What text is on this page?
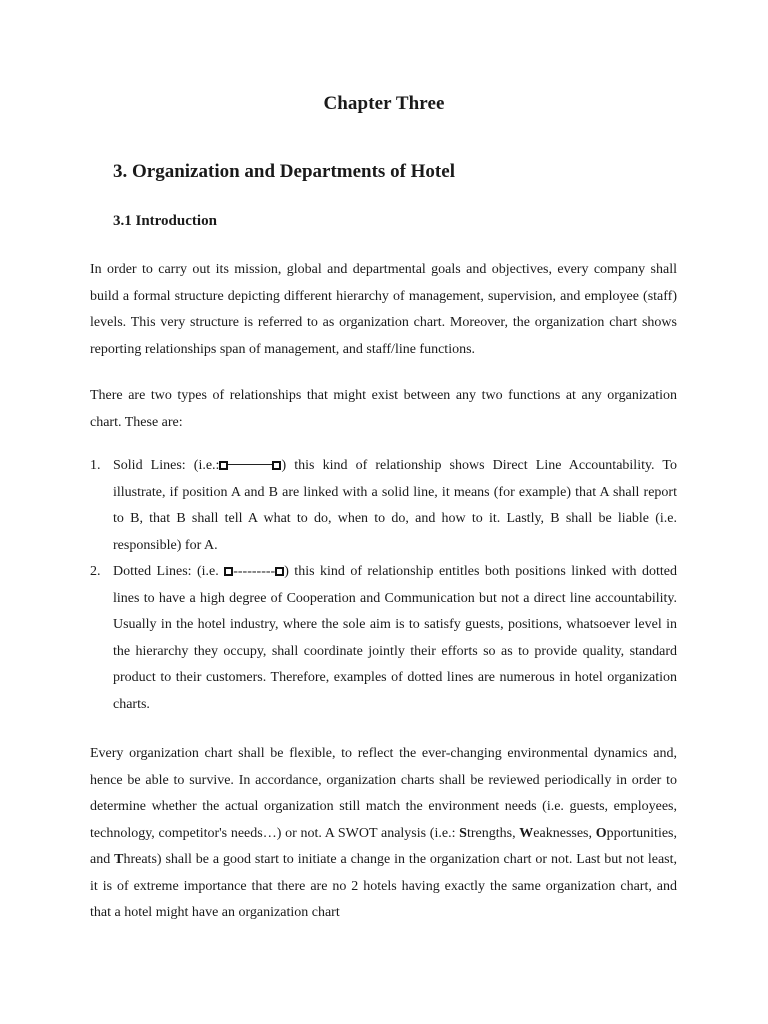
Chapter Three
3. Organization and Departments of Hotel
3.1 Introduction

In order to carry out its mission, global and departmental goals and objectives, every company shall build a formal structure depicting different hierarchy of management, supervision, and employee (staff) levels. This very structure is referred to as organization chart. Moreover, the organization chart shows reporting relationships span of management, and staff/line functions.

There are two types of relationships that might exist between any two functions at any organization chart. These are:

1. Solid Lines: (i.e.:	) this kind of relationship shows Direct Line Accountability. To illustrate, if position A and B are linked with a solid line, it means (for example) that A shall report to B, that B shall tell A what to do, when to do, and how to it. Lastly, B shall be liable (i.e. responsible) for A.
2. Dotted Lines: (i.e. --------- ) this kind of relationship entitles both positions linked with dotted lines to have a high degree of Cooperation and Communication but not a direct line accountability. Usually in the hotel industry, where the sole aim is to satisfy guests, positions, whatsoever level in the hierarchy they occupy, shall coordinate jointly their efforts so as to provide quality, standard product to their customers. Therefore, examples of dotted lines are numerous in hotel organization charts.

Every organization chart shall be flexible, to reflect the ever-changing environmental dynamics and, hence be able to survive. In accordance, organization charts shall be reviewed periodically in order to determine whether the actual organization still match the environment needs (i.e. guests, employees, technology, competitor's needs…) or not. A SWOT analysis (i.e.: Strengths, Weaknesses, Opportunities, and Threats) shall be a good start to initiate a change in the organization chart or not. Last but not least, it is of extreme importance that there are no 2 hotels having exactly the same organization chart, and that a hotel might have an organization chart
